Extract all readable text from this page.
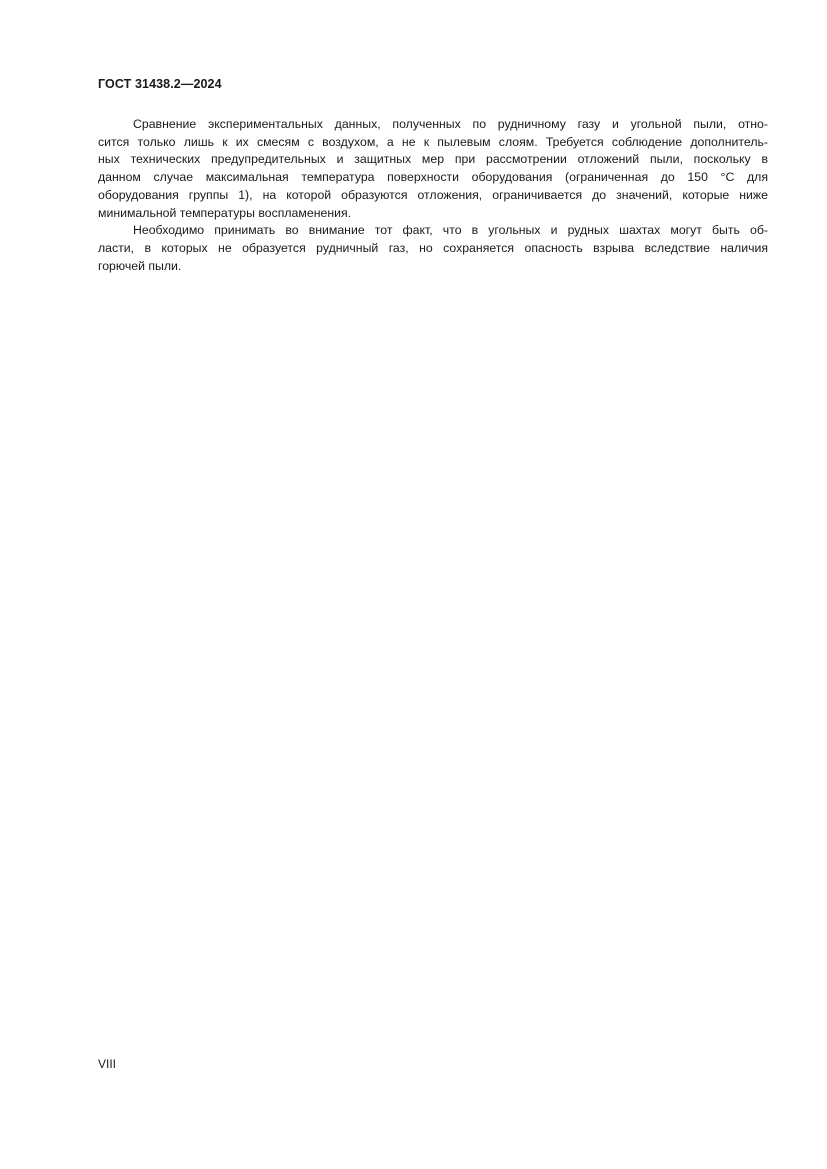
ГОСТ 31438.2—2024

Сравнение экспериментальных данных, полученных по рудничному газу и угольной пыли, отно-
сится только лишь к их смесям с воздухом, а не к пылевым слоям. Требуется соблюдение дополнитель-
ных технических предупредительных и защитных мер при рассмотрении отложений пыли, поскольку в
данном случае максимальная температура поверхности оборудования (ограниченная до 150 °С для
оборудования группы 1), на которой образуются отложения, ограничивается до значений, которые ниже
минимальной температуры воспламенения.

Необходимо принимать во внимание тот факт, что в угольных и рудных шахтах могут быть об-
ласти, в которых не образуется рудничный газ, но сохраняется опасность взрыва вследствие наличия
горючей пыли.

VIII
